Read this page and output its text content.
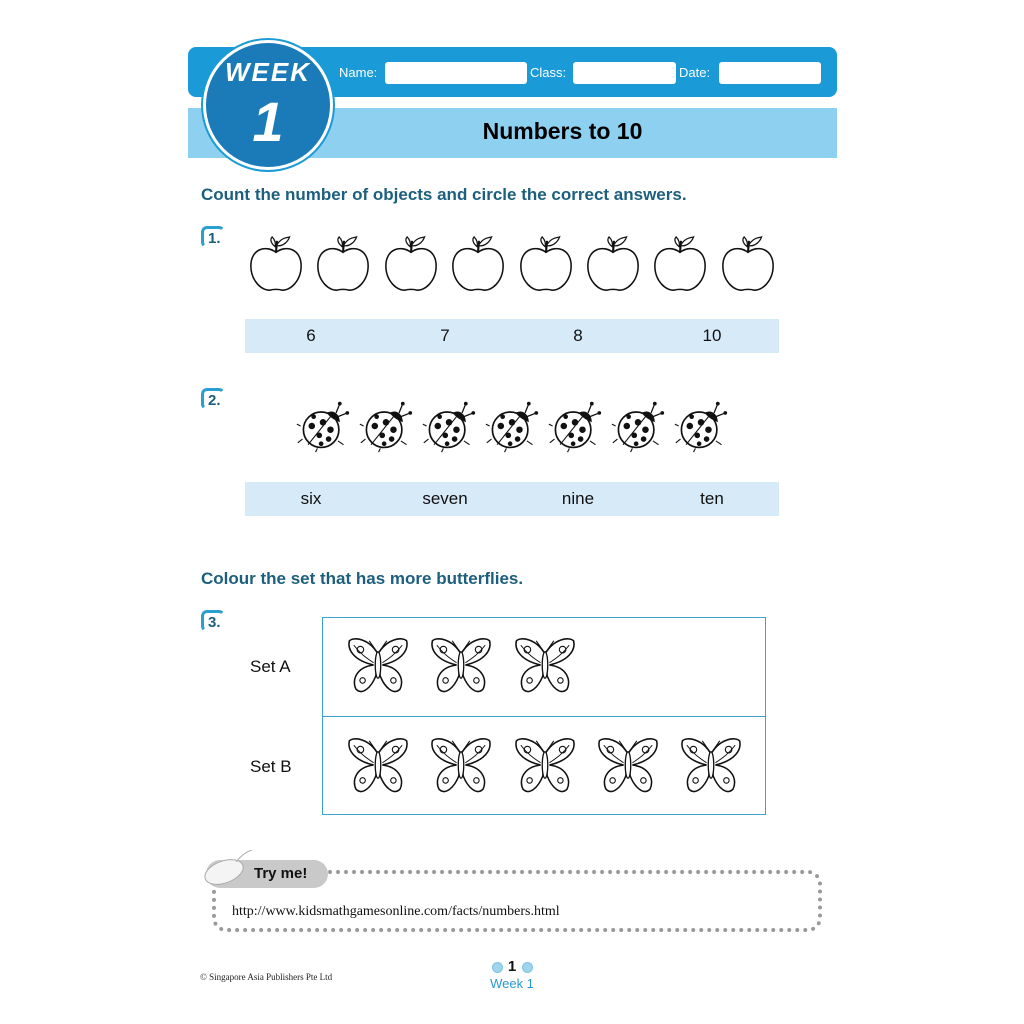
WEEK
1
Name:	Class:	Date:
Numbers to 10
Count the number of objects and circle the correct answers.
1.
6	7	8	10
2.
six	seven	nine	ten
Colour the set that has more butterflies.
3.
Set A
Set B
Try me!
http://www.kidsmathgamesonline.com/facts/numbers.html
© Singapore Asia Publishers Pte Ltd
1
Week 1
